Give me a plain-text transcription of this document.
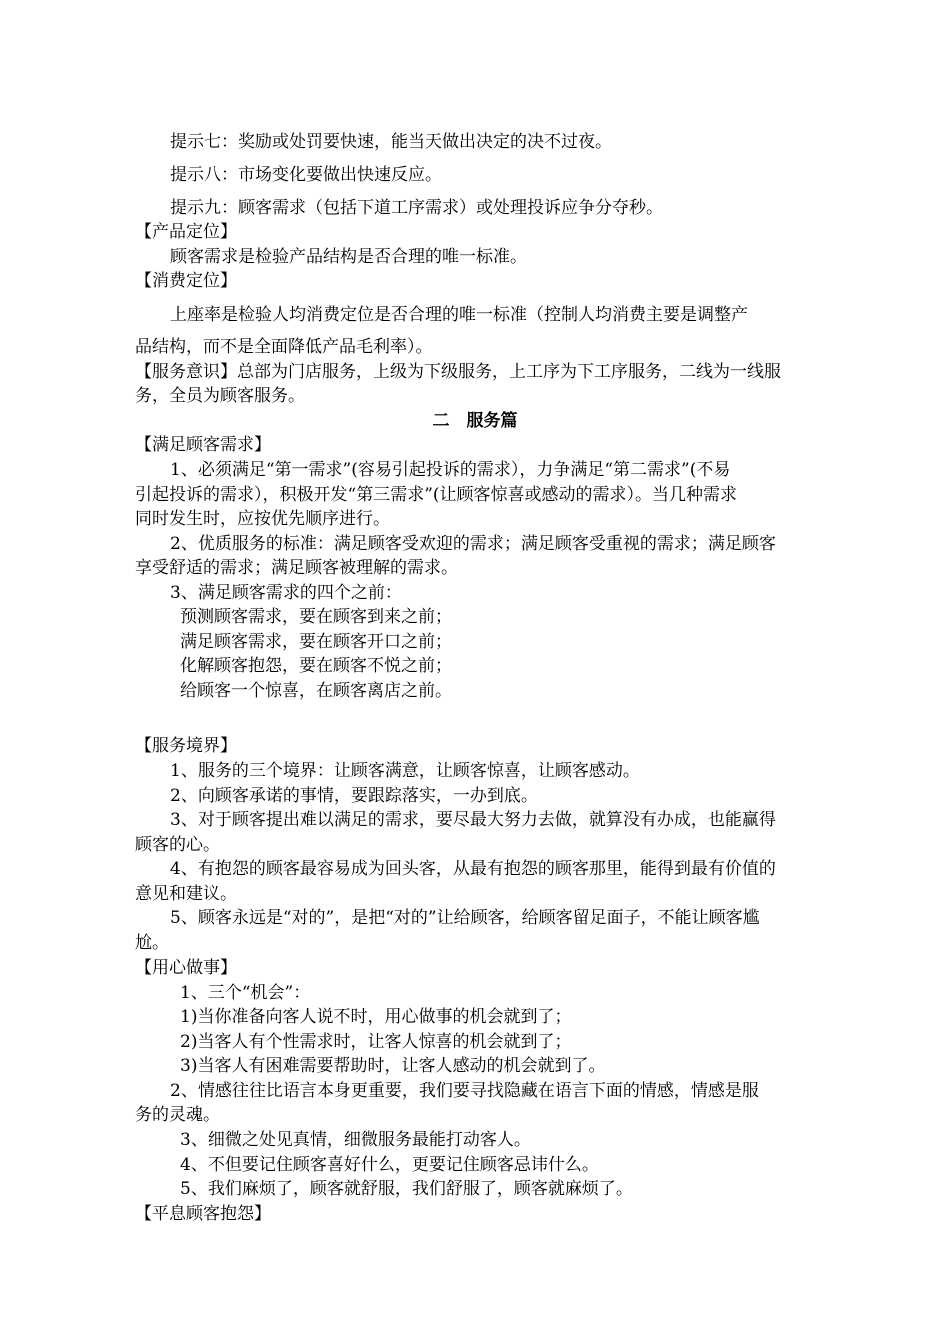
提示七：奖励或处罚要快速，能当天做出决定的决不过夜。
提示八：市场变化要做出快速反应。
提示九：顾客需求（包括下道工序需求）或处理投诉应争分夺秒。
【产品定位】
顾客需求是检验产品结构是否合理的唯一标准。
【消费定位】
上座率是检验人均消费定位是否合理的唯一标准（控制人均消费主要是调整产
品结构，而不是全面降低产品毛利率）。
【服务意识】总部为门店服务，上级为下级服务，上工序为下工序服务，二线为一线服
务，全员为顾客服务。
二　服务篇
【满足顾客需求】
1、必须满足“第一需求”(容易引起投诉的需求），力争满足“第二需求”(不易
引起投诉的需求），积极开发“第三需求”(让顾客惊喜或感动的需求）。当几种需求
同时发生时，应按优先顺序进行。
2、优质服务的标准：满足顾客受欢迎的需求；满足顾客受重视的需求；满足顾客
享受舒适的需求；满足顾客被理解的需求。
3、满足顾客需求的四个之前：
预测顾客需求，要在顾客到来之前；
满足顾客需求，要在顾客开口之前；
化解顾客抱怨，要在顾客不悦之前；
给顾客一个惊喜，在顾客离店之前。
【服务境界】
1、服务的三个境界：让顾客满意，让顾客惊喜，让顾客感动。
2、向顾客承诺的事情，要跟踪落实，一办到底。
3、对于顾客提出难以满足的需求，要尽最大努力去做，就算没有办成，也能赢得
顾客的心。
4、有抱怨的顾客最容易成为回头客，从最有抱怨的顾客那里，能得到最有价值的
意见和建议。
5、顾客永远是“对的”，是把“对的”让给顾客，给顾客留足面子，不能让顾客尴
尬。
【用心做事】
1、三个“机会”：
1)当你准备向客人说不时，用心做事的机会就到了；
2)当客人有个性需求时，让客人惊喜的机会就到了；
3)当客人有困难需要帮助时，让客人感动的机会就到了。
2、情感往往比语言本身更重要，我们要寻找隐藏在语言下面的情感，情感是服
务的灵魂。
3、细微之处见真情，细微服务最能打动客人。
4、不但要记住顾客喜好什么，更要记住顾客忌讳什么。
5、我们麻烦了，顾客就舒服，我们舒服了，顾客就麻烦了。
【平息顾客抱怨】
